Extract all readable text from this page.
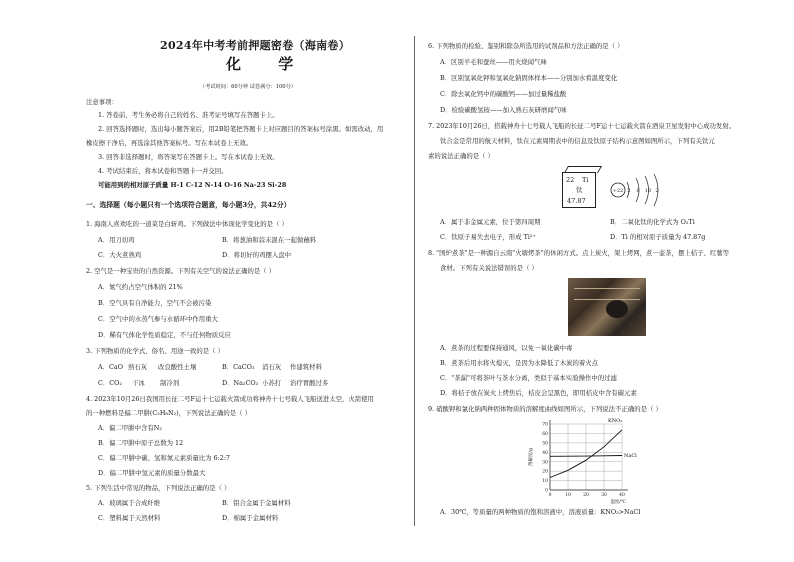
2024年中考考前押题密卷（海南卷）
化 学
（考试时间：60分钟 试卷满分：100分）
注意事项：
1. 答卷前，考生务必将自己的姓名、准考证号填写在答题卡上。
2. 回答选择题时，选出每小题答案后，用2B铅笔把答题卡上对应题目的答案标号涂黑。如需改动，用
橡皮擦干净后，再选涂其他答案标号。写在本试卷上无效。
3. 回答非选择题时，将答案写在答题卡上。写在本试卷上无效。
4. 考试结束后，将本试卷和答题卡一并交回。
可能用到的相对原子质量 H-1 C-12 N-14 O-16 Na-23 Si-28
一、选择题（每小题只有一个选项符合题意，每小题3分，共42分）
1. 海南人喜欢吃的一道菜是白斩鸡。下列做法中体现化学变化的是（ ）
A．用刀切鸡	B．将葱油和蒜末混在一起做蘸料
C．大火煮熟鸡	D．将切好的鸡摆入盘中
2. 空气是一种宝贵的自然资源。下列有关空气的说法正确的是（ ）
A．氮气约占空气体积的 21%
B．空气具有自净能力，空气不会被污染
C．空气中的水蒸气参与水循环中作用重大
D．稀有气体化学性质稳定，不与任何物质反应
3. 下列物质的化学式、俗名、用途一致的是（ ）
A．CaO 熟石灰 改良酸性土壤	B．CaCO₃ 消石灰 作建筑材料
C．CO₂ 干冰 制冷剂	D．Na₂CO₃ 小苏打 治疗胃酸过多
4. 2023年10月26日我国用长征二号F运十七运载火箭成功将神舟十七号载人飞船送进太空，火箭使用
的一种燃料是偏二甲肼(C₂H₈N₂)，下列说法正确的是（ ）
A．偏二甲肼中含有N₂
B．偏二甲肼中原子总数为 12
C．偏二甲肼中碳、氢和氮元素质量比为 6:2:7
D．偏二甲肼中氢元素的质量分数最大
5. 下列生活中常见的物品，下列说法正确的是（ ）
A．玻璃属于合成纤维	B．铝合金属于金属材料
C．塑料属于天然材料	D．棉属于金属材料
6. 下列物质的检验、鉴别和除杂所选用的试剂品和方法正确的是（ ）
A．区别羊毛和蚕丝——用火烧闻气味
B．区别氢氧化钾和氢氧化钠固体样本——分别加水看温度变化
C．除去氧化钙中的碳酸钙——加过量稀盐酸
D．检验碳酸氢铵——加入熟石灰研磨闻气味
7. 2023年10月26日，搭载神舟十七号载人飞船的长征二号F运十七运载火箭在酒泉卫星发射中心成功发射。
钛合金是常用的航天材料，钛在元素周期表中的信息及钛原子结构示意图如图所示，下列有关钛元
素的说法正确的是（ ）
22 Ti
钛
47.87
+22 2 8 10 2
A．属于非金属元素，位于第四周期	B．二氧化钛的化学式为 O₂Ti
C．钛原子易失去电子，形成 Ti²⁺	D．Ti 的相对原子质量为 47.87g
8. "国炉煮茶"是一种源自云南"火塘烤茶"的休闲方式。点上炭火，架上烤网，煮一壶茶，摆上桔子、红薯等
食材。下列有关说法错误的是（ ）
A．煮茶的过程要保持通风，以免一氧化碳中毒
B．煮茶后用水将火熄灭，是因为水降低了木炭的着火点
C．"茶漏"可将茶叶与茶水分离，类似于基本实验操作中的过滤
D．将桔子放在炭火上烤焦后，桔皮会呈黑色，即用桔皮中含有碳元素
9. 硝酸钾和氯化钠两种固体物质的溶解度曲线如图所示，下列说法不正确的是（ ）
0
10
20
30
40
50
60
70
0	10	20	30	40
溶解度/g
温度/℃
KNO₃
NaCl
A．30℃，等质量的两种物质的饱和溶液中，溶液质量：KNO₃>NaCl
